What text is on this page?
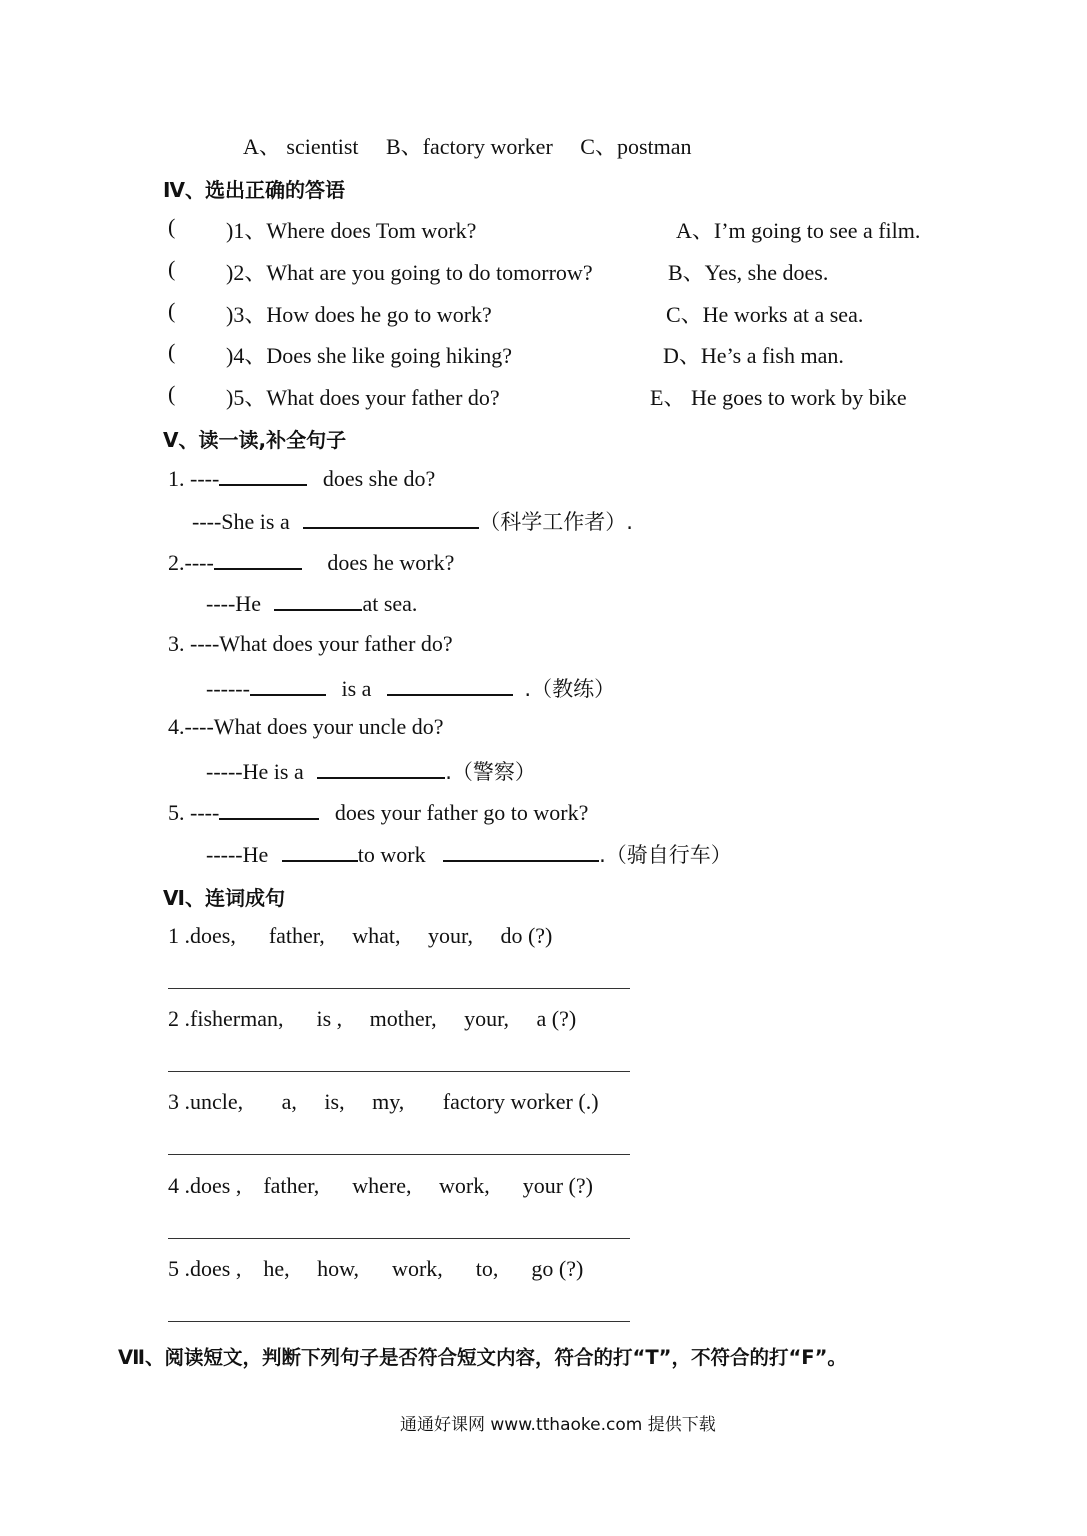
A、 scientist B、factory worker C、postman
Ⅳ、选出正确的答语
( )1、Where does Tom work?	A、I’m going to see a film.
( )2、What are you going to do tomorrow?	B、Yes, she does.
( )3、How does he go to work?	C、He works at a sea.
( )4、Does she like going hiking?	D、He’s a fish man.
( )5、What does your father do?	E、 He goes to work by bike
Ⅴ、读一读,补全句子
1. ----	does she do?
----She is a	（科学工作者）.
2.----	does he work?
----He	at sea.
3. ----What does your father do?
------	is a	.（教练）
4.----What does your uncle do?
-----He is a	.（警察）
5. ----	does your father go to work?
-----He	to work	.（骑自行车）
Ⅵ、连词成句
1 .does,      father,     what,     your,     do (?)
2 .fisherman,      is ,     mother,     your,     a (?)
3 .uncle,       a,     is,     my,       factory worker (.)
4 .does ,    father,      where,     work,      your (?)
5 .does ,    he,     how,      work,      to,      go (?)
Ⅶ、阅读短文，判断下列句子是否符合短文内容，符合的打“T”，不符合的打“F”。
通通好课网 www.tthaoke.com 提供下载
